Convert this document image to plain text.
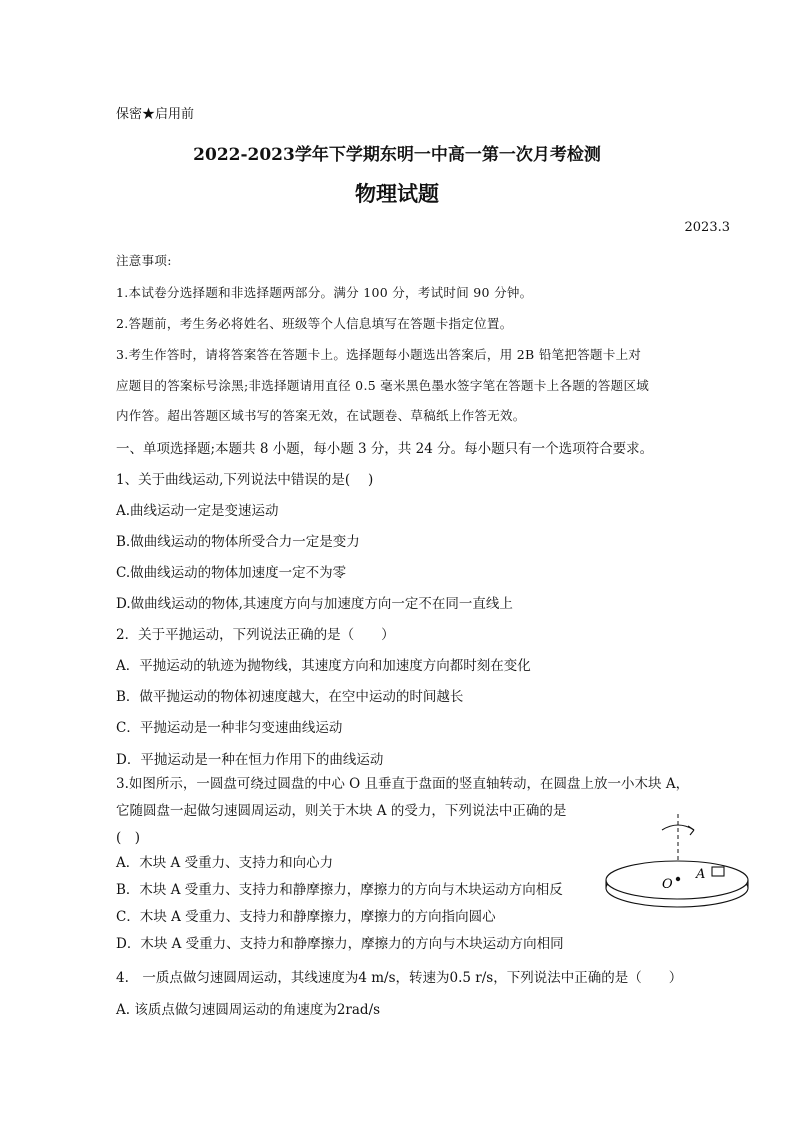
保密★启用前
2022-2023学年下学期东明一中高一第一次月考检测
物理试题
2023.3
注意事项:
1.本试卷分选择题和非选择题两部分。满分 100 分，考试时间 90 分钟。
2.答题前，考生务必将姓名、班级等个人信息填写在答题卡指定位置。
3.考生作答时，请将答案答在答题卡上。选择题每小题选出答案后，用 2B 铅笔把答题卡上对
应题目的答案标号涂黑;非选择题请用直径 0.5 毫米黑色墨水签字笔在答题卡上各题的答题区域
内作答。超出答题区域书写的答案无效，在试题卷、草稿纸上作答无效。
一、单项选择题;本题共 8 小题，每小题 3 分，共 24 分。每小题只有一个选项符合要求。
1、关于曲线运动,下列说法中错误的是(　 )
A.曲线运动一定是变速运动
B.做曲线运动的物体所受合力一定是变力
C.做曲线运动的物体加速度一定不为零
D.做曲线运动的物体,其速度方向与加速度方向一定不在同一直线上
2．关于平抛运动，下列说法正确的是（　　）
A．平抛运动的轨迹为抛物线，其速度方向和加速度方向都时刻在变化
B．做平抛运动的物体初速度越大，在空中运动的时间越长
C．平抛运动是一种非匀变速曲线运动
D．平抛运动是一种在恒力作用下的曲线运动
3.如图所示，一圆盘可绕过圆盘的中心 O 且垂直于盘面的竖直轴转动，在圆盘上放一小木块 A，
它随圆盘一起做匀速圆周运动，则关于木块 A 的受力，下列说法中正确的是
(　)
A．木块 A 受重力、支持力和向心力
B．木块 A 受重力、支持力和静摩擦力，摩擦力的方向与木块运动方向相反
C．木块 A 受重力、支持力和静摩擦力，摩擦力的方向指向圆心
D．木块 A 受重力、支持力和静摩擦力，摩擦力的方向与木块运动方向相同
O
A
4.　一质点做匀速圆周运动，其线速度为4 m/s，转速为0.5 r/s，下列说法中正确的是（　　）
A. 该质点做匀速圆周运动的角速度为2rad/s
